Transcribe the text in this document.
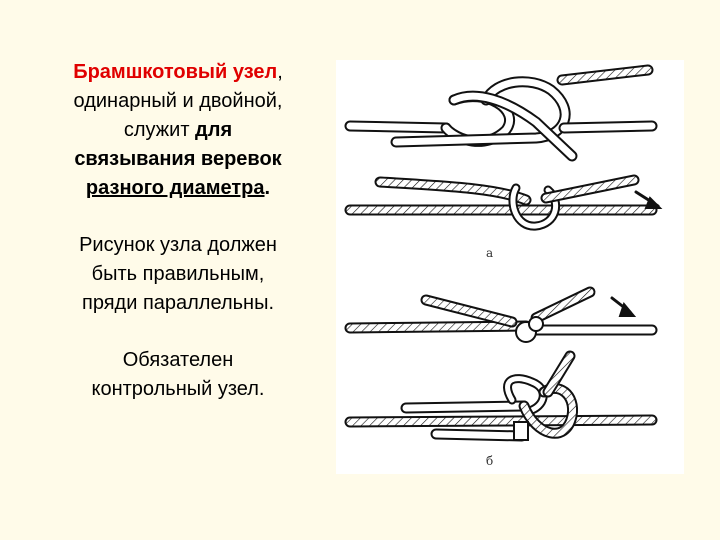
Брамшкотовый узел,

одинарный и двойной,

служит для

связывания веревок

разного диаметра.

Рисунок узла должен

быть правильным,

пряди параллельны.

Обязателен

контрольный узел.

a
б
